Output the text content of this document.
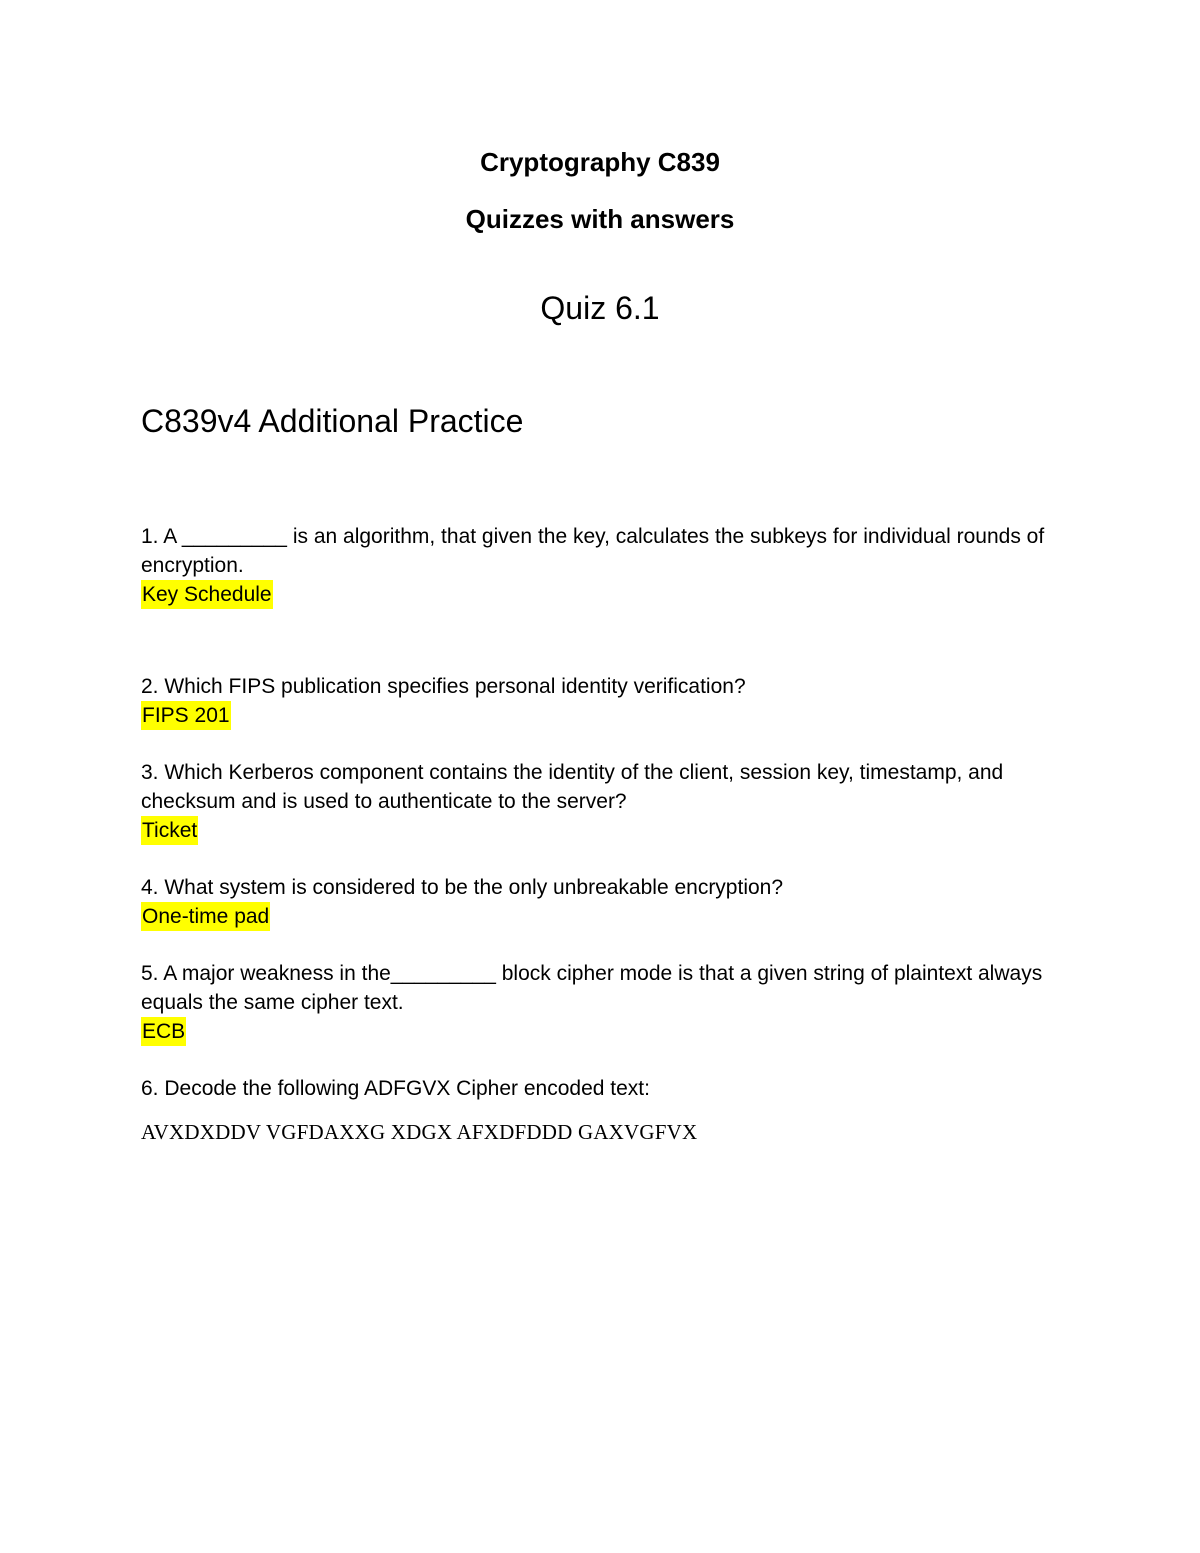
Cryptography C839
Quizzes with answers
Quiz 6.1
C839v4 Additional Practice
1. A _________ is an algorithm, that given the key, calculates the subkeys for individual rounds of encryption.
Key Schedule
2. Which FIPS publication specifies personal identity verification?
FIPS 201
3. Which Kerberos component contains the identity of the client, session key, timestamp, and checksum and is used to authenticate to the server?
Ticket
4. What system is considered to be the only unbreakable encryption?
One-time pad
5. A major weakness in the_________ block cipher mode is that a given string of plaintext always equals the same cipher text.
ECB
6. Decode the following ADFGVX Cipher encoded text:
AVXDXDDV VGFDAXXG XDGX AFXDFDDD GAXVGFVX
